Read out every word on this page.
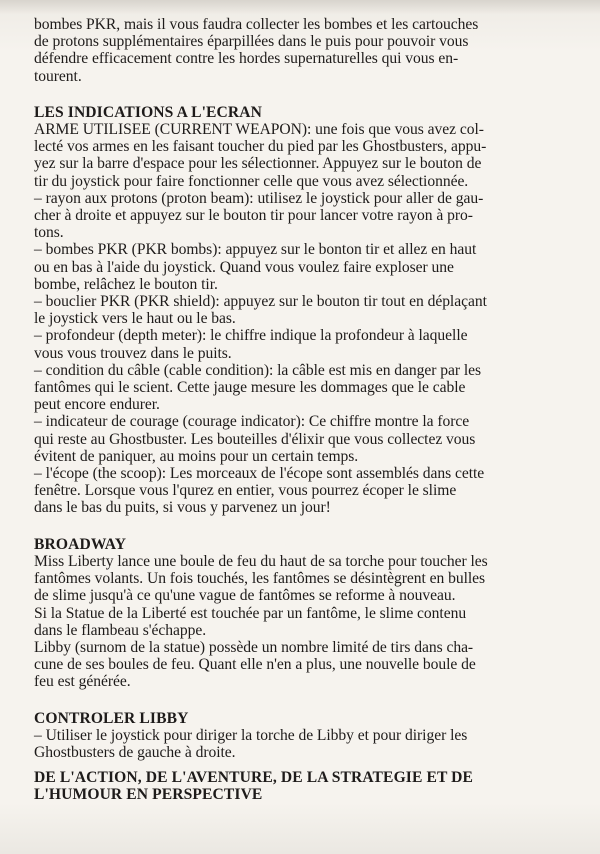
bombes PKR, mais il vous faudra collecter les bombes et les cartouches
de protons supplémentaires éparpillées dans le puis pour pouvoir vous
défendre efficacement contre les hordes supernaturelles qui vous en-
tourent.
LES INDICATIONS A L'ECRAN
ARME UTILISEE (CURRENT WEAPON): une fois que vous avez col-
lecté vos armes en les faisant toucher du pied par les Ghostbusters, appu-
yez sur la barre d'espace pour les sélectionner. Appuyez sur le bouton de
tir du joystick pour faire fonctionner celle que vous avez sélectionnée.
– rayon aux protons (proton beam): utilisez le joystick pour aller de gau-
cher à droite et appuyez sur le bouton tir pour lancer votre rayon à pro-
tons.
– bombes PKR (PKR bombs): appuyez sur le bonton tir et allez en haut
ou en bas à l'aide du joystick. Quand vous voulez faire exploser une
bombe, relâchez le bouton tir.
– bouclier PKR (PKR shield): appuyez sur le bouton tir tout en déplaçant
le joystick vers le haut ou le bas.
– profondeur (depth meter): le chiffre indique la profondeur à laquelle
vous vous trouvez dans le puits.
– condition du câble (cable condition): la câble est mis en danger par les
fantômes qui le scient. Cette jauge mesure les dommages que le cable
peut encore endurer.
– indicateur de courage (courage indicator): Ce chiffre montre la force
qui reste au Ghostbuster. Les bouteilles d'élixir que vous collectez vous
évitent de paniquer, au moins pour un certain temps.
– l'écope (the scoop): Les morceaux de l'écope sont assemblés dans cette
fenêtre. Lorsque vous l'qurez en entier, vous pourrez écoper le slime
dans le bas du puits, si vous y parvenez un jour!
BROADWAY
Miss Liberty lance une boule de feu du haut de sa torche pour toucher les
fantômes volants. Un fois touchés, les fantômes se désintègrent en bulles
de slime jusqu'à ce qu'une vague de fantômes se reforme à nouveau.
Si la Statue de la Liberté est touchée par un fantôme, le slime contenu
dans le flambeau s'échappe.
Libby (surnom de la statue) possède un nombre limité de tirs dans cha-
cune de ses boules de feu. Quant elle n'en a plus, une nouvelle boule de
feu est générée.
CONTROLER LIBBY
– Utiliser le joystick pour diriger la torche de Libby et pour diriger les
Ghostbusters de gauche à droite.
DE L'ACTION, DE L'AVENTURE, DE LA STRATEGIE ET DE
L'HUMOUR EN PERSPECTIVE
